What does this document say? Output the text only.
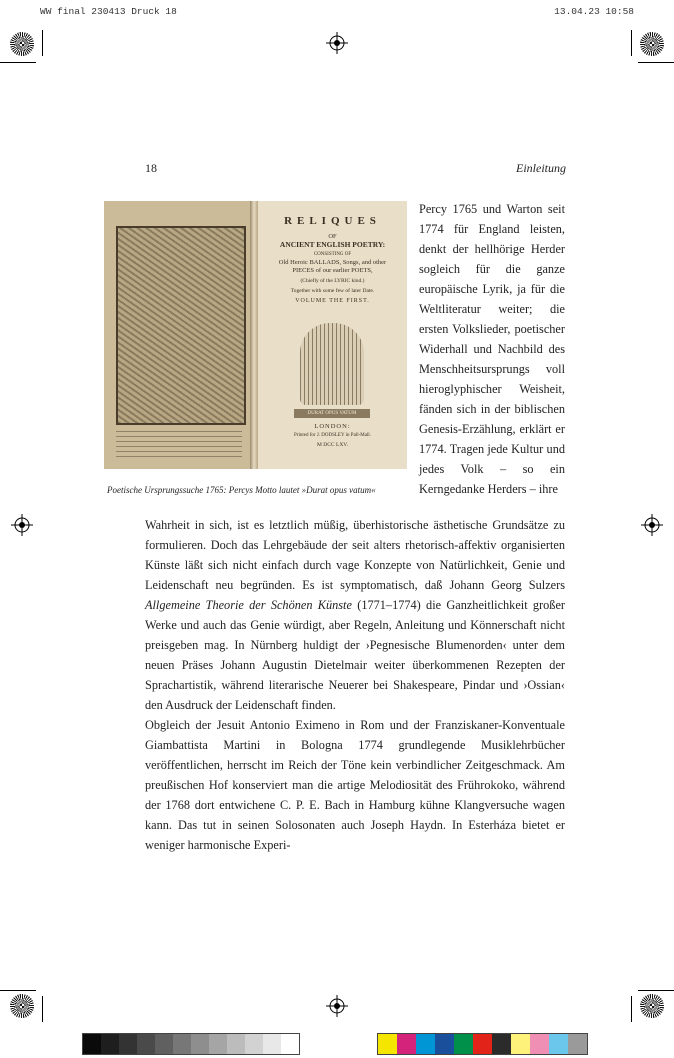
WW final 230413 Druck 18	13.04.23 10:58
18	Einleitung
RELIQUES
OF
ANCIENT ENGLISH POETRY:
CONSISTING OF
Old Heroic BALLADS, Songs, and other
PIECES of our earlier POETS,
(Chiefly of the LYRIC kind.)
Together with some few of later Date.
VOLUME THE FIRST.
DURAT OPUS VATUM
LONDON:
Printed for J. DODSLEY in Pall-Mall.
M DCC LXV.
Poetische Ursprungssuche 1765: Percys Motto lautet »Durat opus vatum«

Percy 1765 und Warton seit 1774 für England leisten, denkt der hellhörige Herder sogleich für die ganze europäische Lyrik, ja für die Weltliteratur weiter; die ersten Volkslieder, poetischer Widerhall und Nachbild des Menschheitsursprungs voll hieroglyphischer Weisheit, fänden sich in der biblischen Genesis-Erzählung, erklärt er 1774. Tragen jede Kultur und jedes Volk – so ein Kerngedanke Herders – ihre

Wahrheit in sich, ist es letztlich müßig, überhistorische ästhetische Grundsätze zu formulieren. Doch das Lehrgebäude der seit alters rhetorisch-affektiv organisierten Künste läßt sich nicht einfach durch vage Konzepte von Natürlichkeit, Genie und Leidenschaft neu begründen. Es ist symptomatisch, daß Johann Georg Sulzers Allgemeine Theorie der Schönen Künste (1771–1774) die Ganzheitlichkeit großer Werke und auch das Genie würdigt, aber Regeln, Anleitung und Könnerschaft nicht preisgeben mag. In Nürnberg huldigt der ›Pegnesische Blumenorden‹ unter dem neuen Präses Johann Augustin Dietelmair weiter überkommenen Rezepten der Sprachartistik, während literarische Neuerer bei Shakespeare, Pindar und ›Ossian‹ den Ausdruck der Leidenschaft finden.

Obgleich der Jesuit Antonio Eximeno in Rom und der Franziskaner-Konventuale Giambattista Martini in Bologna 1774 grundlegende Musiklehrbücher veröffentlichen, herrscht im Reich der Töne kein verbindlicher Zeitgeschmack. Am preußischen Hof konserviert man die artige Melodiosität des Frührokoko, während der 1768 dort entwichene C. P. E. Bach in Hamburg kühne Klangversuche wagen kann. Das tut in seinen Solosonaten auch Joseph Haydn. In Esterháza bietet er weniger harmonische Experi-
